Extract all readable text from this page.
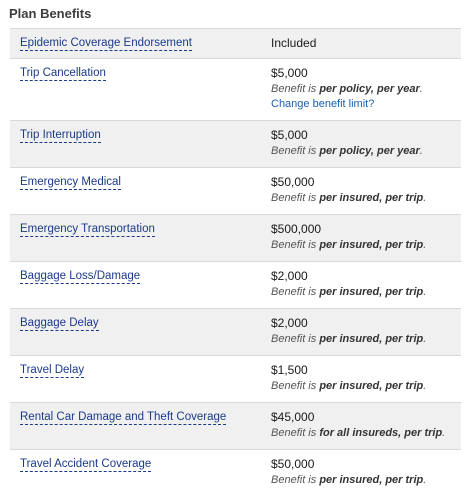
Plan Benefits
Epidemic Coverage Endorsement	Included
Trip Cancellation	$5,000
Benefit is per policy, per year.
Change benefit limit?
Trip Interruption	$5,000
Benefit is per policy, per year.
Emergency Medical	$50,000
Benefit is per insured, per trip.
Emergency Transportation	$500,000
Benefit is per insured, per trip.
Baggage Loss/Damage	$2,000
Benefit is per insured, per trip.
Baggage Delay	$2,000
Benefit is per insured, per trip.
Travel Delay	$1,500
Benefit is per insured, per trip.
Rental Car Damage and Theft Coverage	$45,000
Benefit is for all insureds, per trip.
Travel Accident Coverage	$50,000
Benefit is per insured, per trip.
